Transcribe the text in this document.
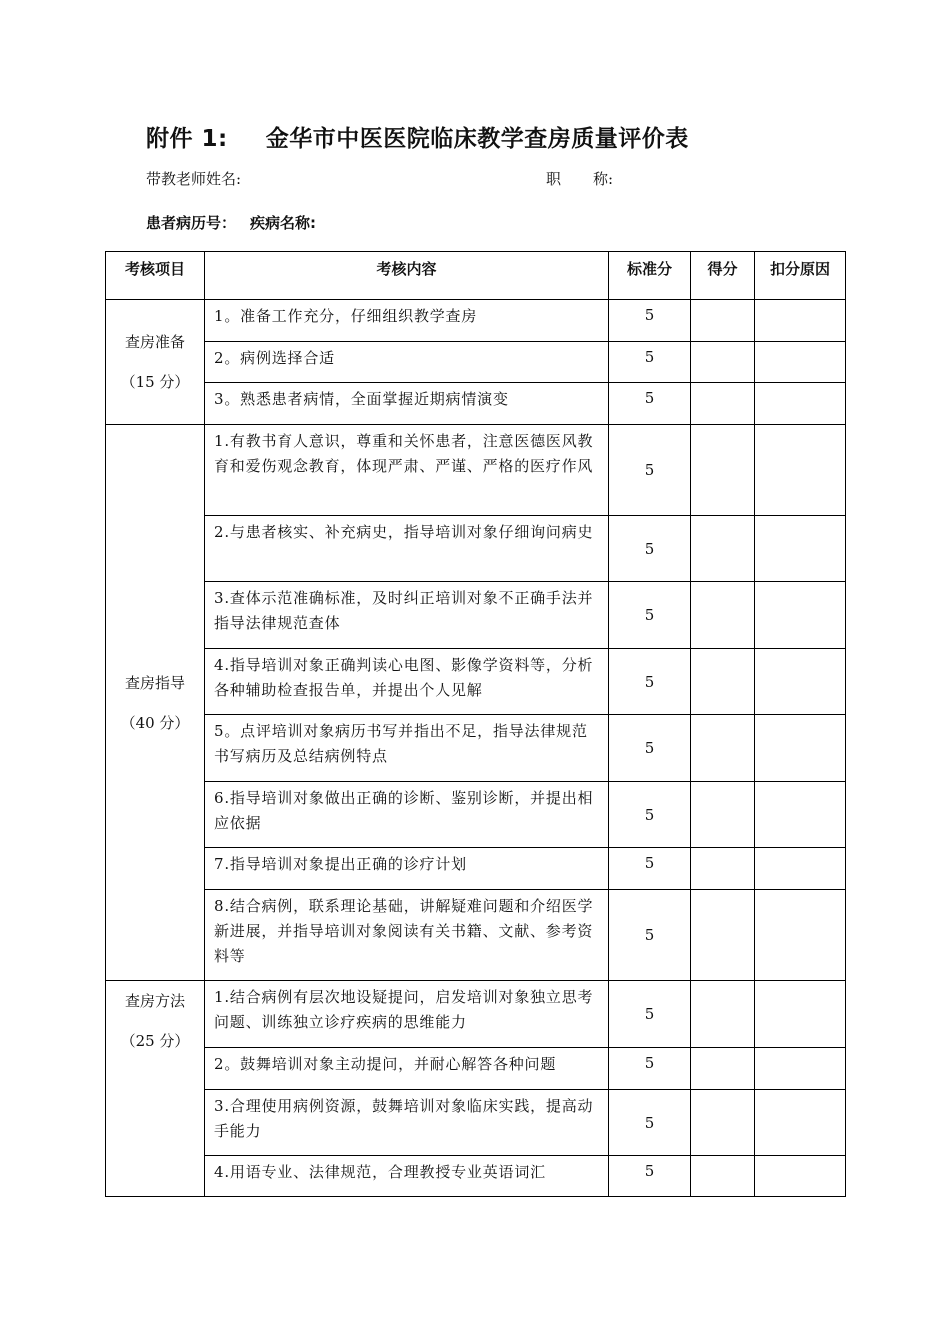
附件 1: 金华市中医医院临床教学查房质量评价表
带教老师姓名:	职 称:
患者病历号： 疾病名称:
考核项目	考核内容	标准分	得分	扣分原因

查房准备
（15 分）	1。准备工作充分，仔细组织教学查房	5		
	2。病例选择合适	5		
	3。熟悉患者病情，全面掌握近期病情演变	5		

查房指导
（40 分）	1.有教书育人意识，尊重和关怀患者，注意医德医风教育和爱伤观念教育，体现严肃、严谨、严格的医疗作风	5		
	2.与患者核实、补充病史，指导培训对象仔细询问病史	5		
	3.查体示范准确标准，及时纠正培训对象不正确手法并指导法律规范查体	5		
	4.指导培训对象正确判读心电图、影像学资料等，分析各种辅助检查报告单，并提出个人见解	5		
	5。点评培训对象病历书写并指出不足，指导法律规范书写病历及总结病例特点	5		
	6.指导培训对象做出正确的诊断、鉴别诊断，并提出相应依据	5		
	7.指导培训对象提出正确的诊疗计划	5		
	8.结合病例，联系理论基础，讲解疑难问题和介绍医学新进展，并指导培训对象阅读有关书籍、文献、参考资料等	5		

查房方法
（25 分）	1.结合病例有层次地设疑提问，启发培训对象独立思考问题、训练独立诊疗疾病的思维能力	5		
	2。鼓舞培训对象主动提问，并耐心解答各种问题	5		
	3.合理使用病例资源，鼓舞培训对象临床实践，提高动手能力	5		
	4.用语专业、法律规范，合理教授专业英语词汇	5		
